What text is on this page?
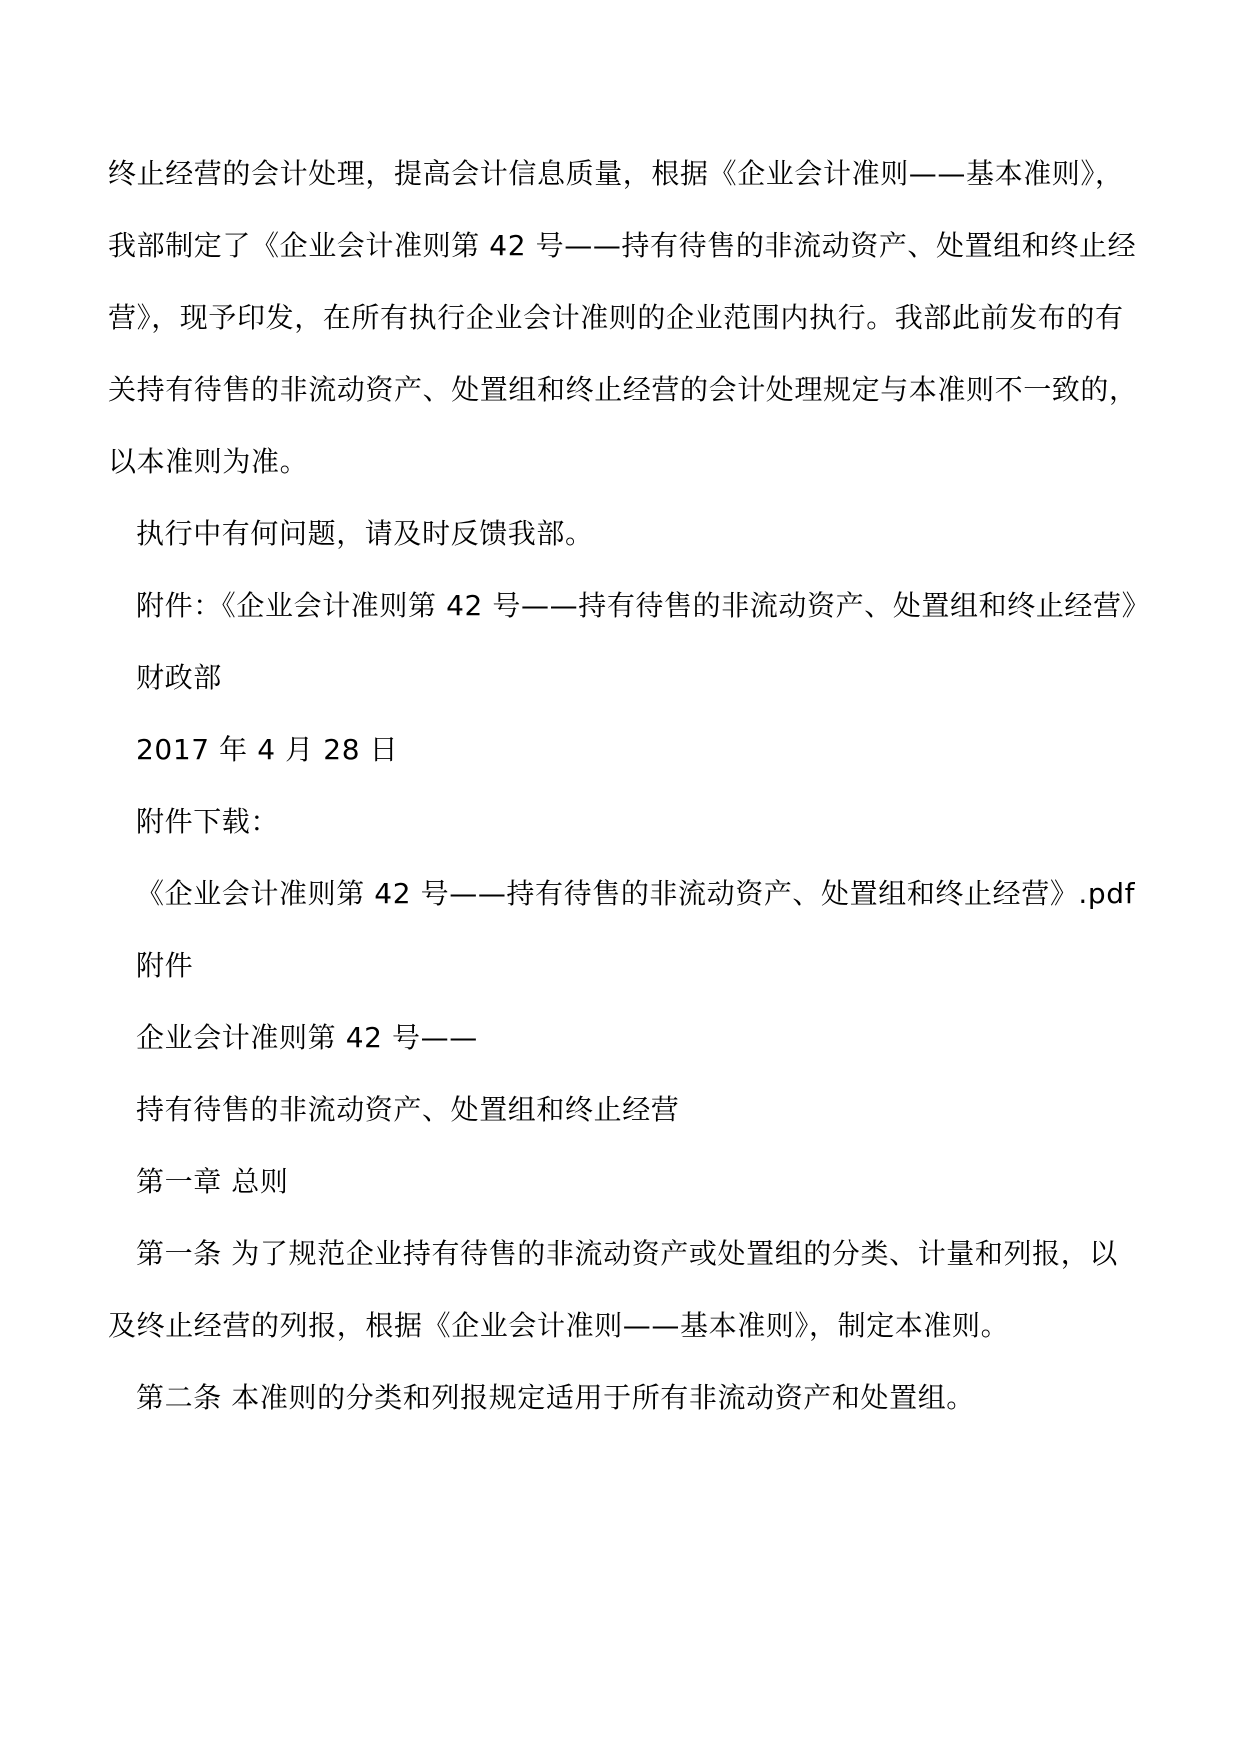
终止经营的会计处理，提高会计信息质量，根据《企业会计准则——基本准则》，
我部制定了《企业会计准则第 42 号——持有待售的非流动资产、处置组和终止经
营》，现予印发，在所有执行企业会计准则的企业范围内执行。我部此前发布的有
关持有待售的非流动资产、处置组和终止经营的会计处理规定与本准则不一致的，
以本准则为准。
执行中有何问题，请及时反馈我部。
附件：《企业会计准则第 42 号——持有待售的非流动资产、处置组和终止经营》
财政部
2017 年 4 月 28 日
附件下载：
《企业会计准则第 42 号——持有待售的非流动资产、处置组和终止经营》.pdf
附件
企业会计准则第 42 号——
持有待售的非流动资产、处置组和终止经营
第一章 总则
第一条 为了规范企业持有待售的非流动资产或处置组的分类、计量和列报，以
及终止经营的列报，根据《企业会计准则——基本准则》，制定本准则。
第二条 本准则的分类和列报规定适用于所有非流动资产和处置组。
